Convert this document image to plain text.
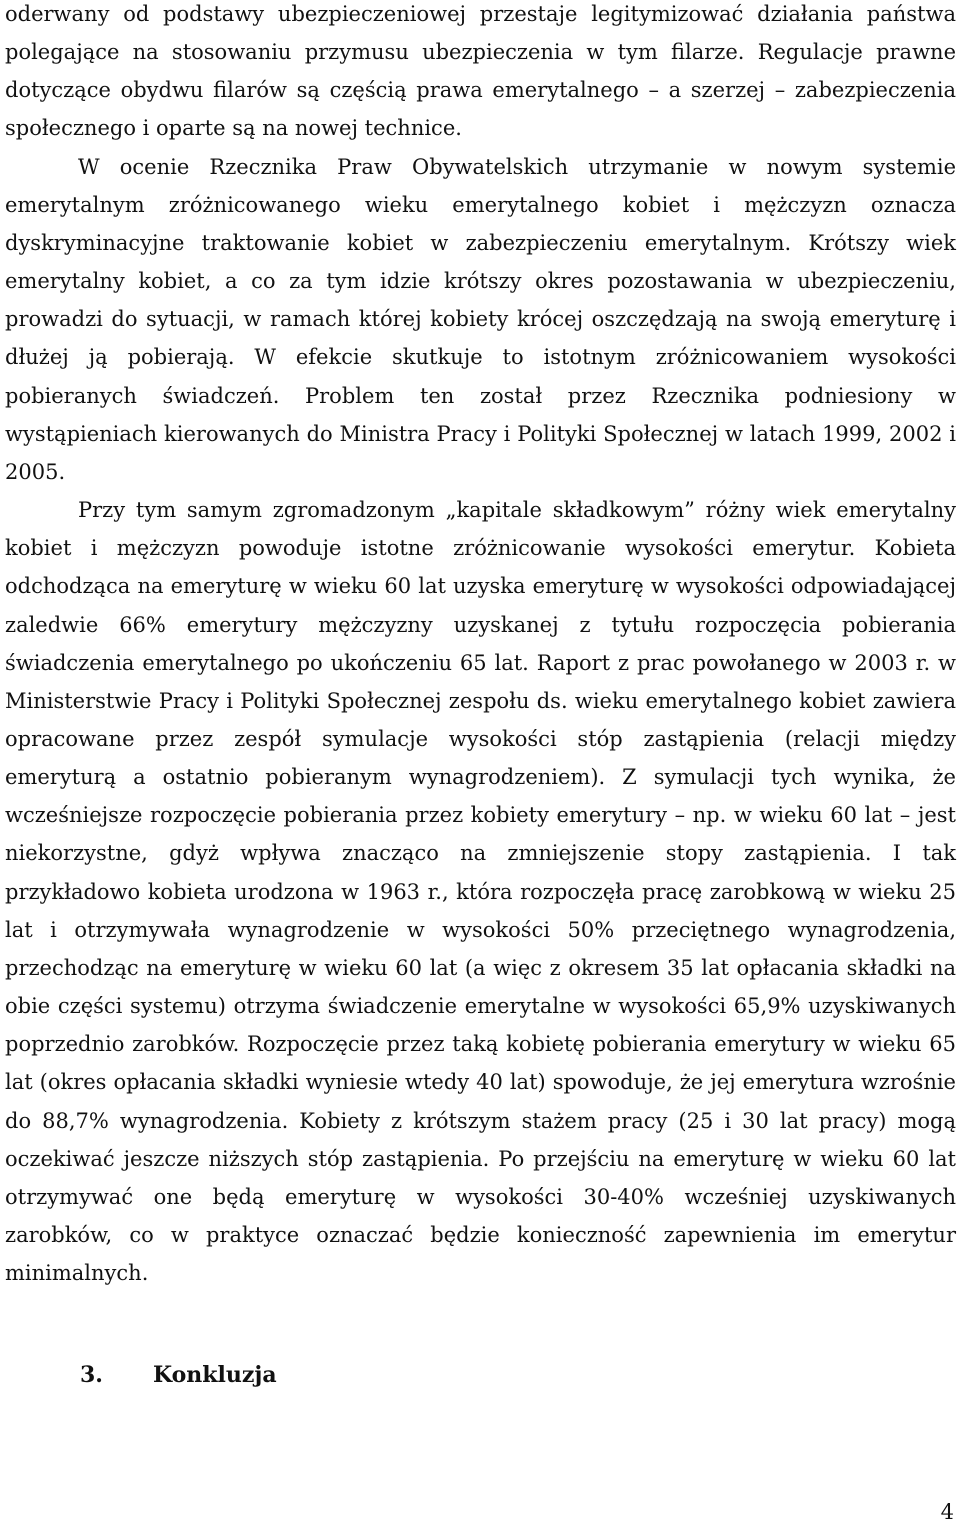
oderwany od podstawy ubezpieczeniowej przestaje legitymizować działania państwa polegające na stosowaniu przymusu ubezpieczenia w tym filarze. Regulacje prawne dotyczące obydwu filarów są częścią prawa emerytalnego – a szerzej – zabezpieczenia społecznego i oparte są na nowej technice.

W ocenie Rzecznika Praw Obywatelskich utrzymanie w nowym systemie emerytalnym zróżnicowanego wieku emerytalnego kobiet i mężczyzn oznacza dyskryminacyjne traktowanie kobiet w zabezpieczeniu emerytalnym. Krótszy wiek emerytalny kobiet, a co za tym idzie krótszy okres pozostawania w ubezpieczeniu, prowadzi do sytuacji, w ramach której kobiety krócej oszczędzają na swoją emeryturę i dłużej ją pobierają. W efekcie skutkuje to istotnym zróżnicowaniem wysokości pobieranych świadczeń. Problem ten został przez Rzecznika podniesiony w wystąpieniach kierowanych do Ministra Pracy i Polityki Społecznej w latach 1999, 2002 i 2005.

Przy tym samym zgromadzonym „kapitale składkowym” różny wiek emerytalny kobiet i mężczyzn powoduje istotne zróżnicowanie wysokości emerytur. Kobieta odchodząca na emeryturę w wieku 60 lat uzyska emeryturę w wysokości odpowiadającej zaledwie 66% emerytury mężczyzny uzyskanej z tytułu rozpoczęcia pobierania świadczenia emerytalnego po ukończeniu 65 lat. Raport z prac powołanego w 2003 r. w Ministerstwie Pracy i Polityki Społecznej zespołu ds. wieku emerytalnego kobiet zawiera opracowane przez zespół symulacje wysokości stóp zastąpienia (relacji między emeryturą a ostatnio pobieranym wynagrodzeniem). Z symulacji tych wynika, że wcześniejsze rozpoczęcie pobierania przez kobiety emerytury – np. w wieku 60 lat – jest niekorzystne, gdyż wpływa znacząco na zmniejszenie stopy zastąpienia. I tak przykładowo kobieta urodzona w 1963 r., która rozpoczęła pracę zarobkową w wieku 25 lat i otrzymywała wynagrodzenie w wysokości 50% przeciętnego wynagrodzenia, przechodząc na emeryturę w wieku 60 lat (a więc z okresem 35 lat opłacania składki na obie części systemu) otrzyma świadczenie emerytalne w wysokości 65,9% uzyskiwanych poprzednio zarobków. Rozpoczęcie przez taką kobietę pobierania emerytury w wieku 65 lat (okres opłacania składki wyniesie wtedy 40 lat) spowoduje, że jej emerytura wzrośnie do 88,7% wynagrodzenia. Kobiety z krótszym stażem pracy (25 i 30 lat pracy) mogą oczekiwać jeszcze niższych stóp zastąpienia. Po przejściu na emeryturę w wieku 60 lat otrzymywać one będą emeryturę w wysokości 30-40% wcześniej uzyskiwanych zarobków, co w praktyce oznaczać będzie konieczność zapewnienia im emerytur minimalnych.

3. Konkluzja
4
